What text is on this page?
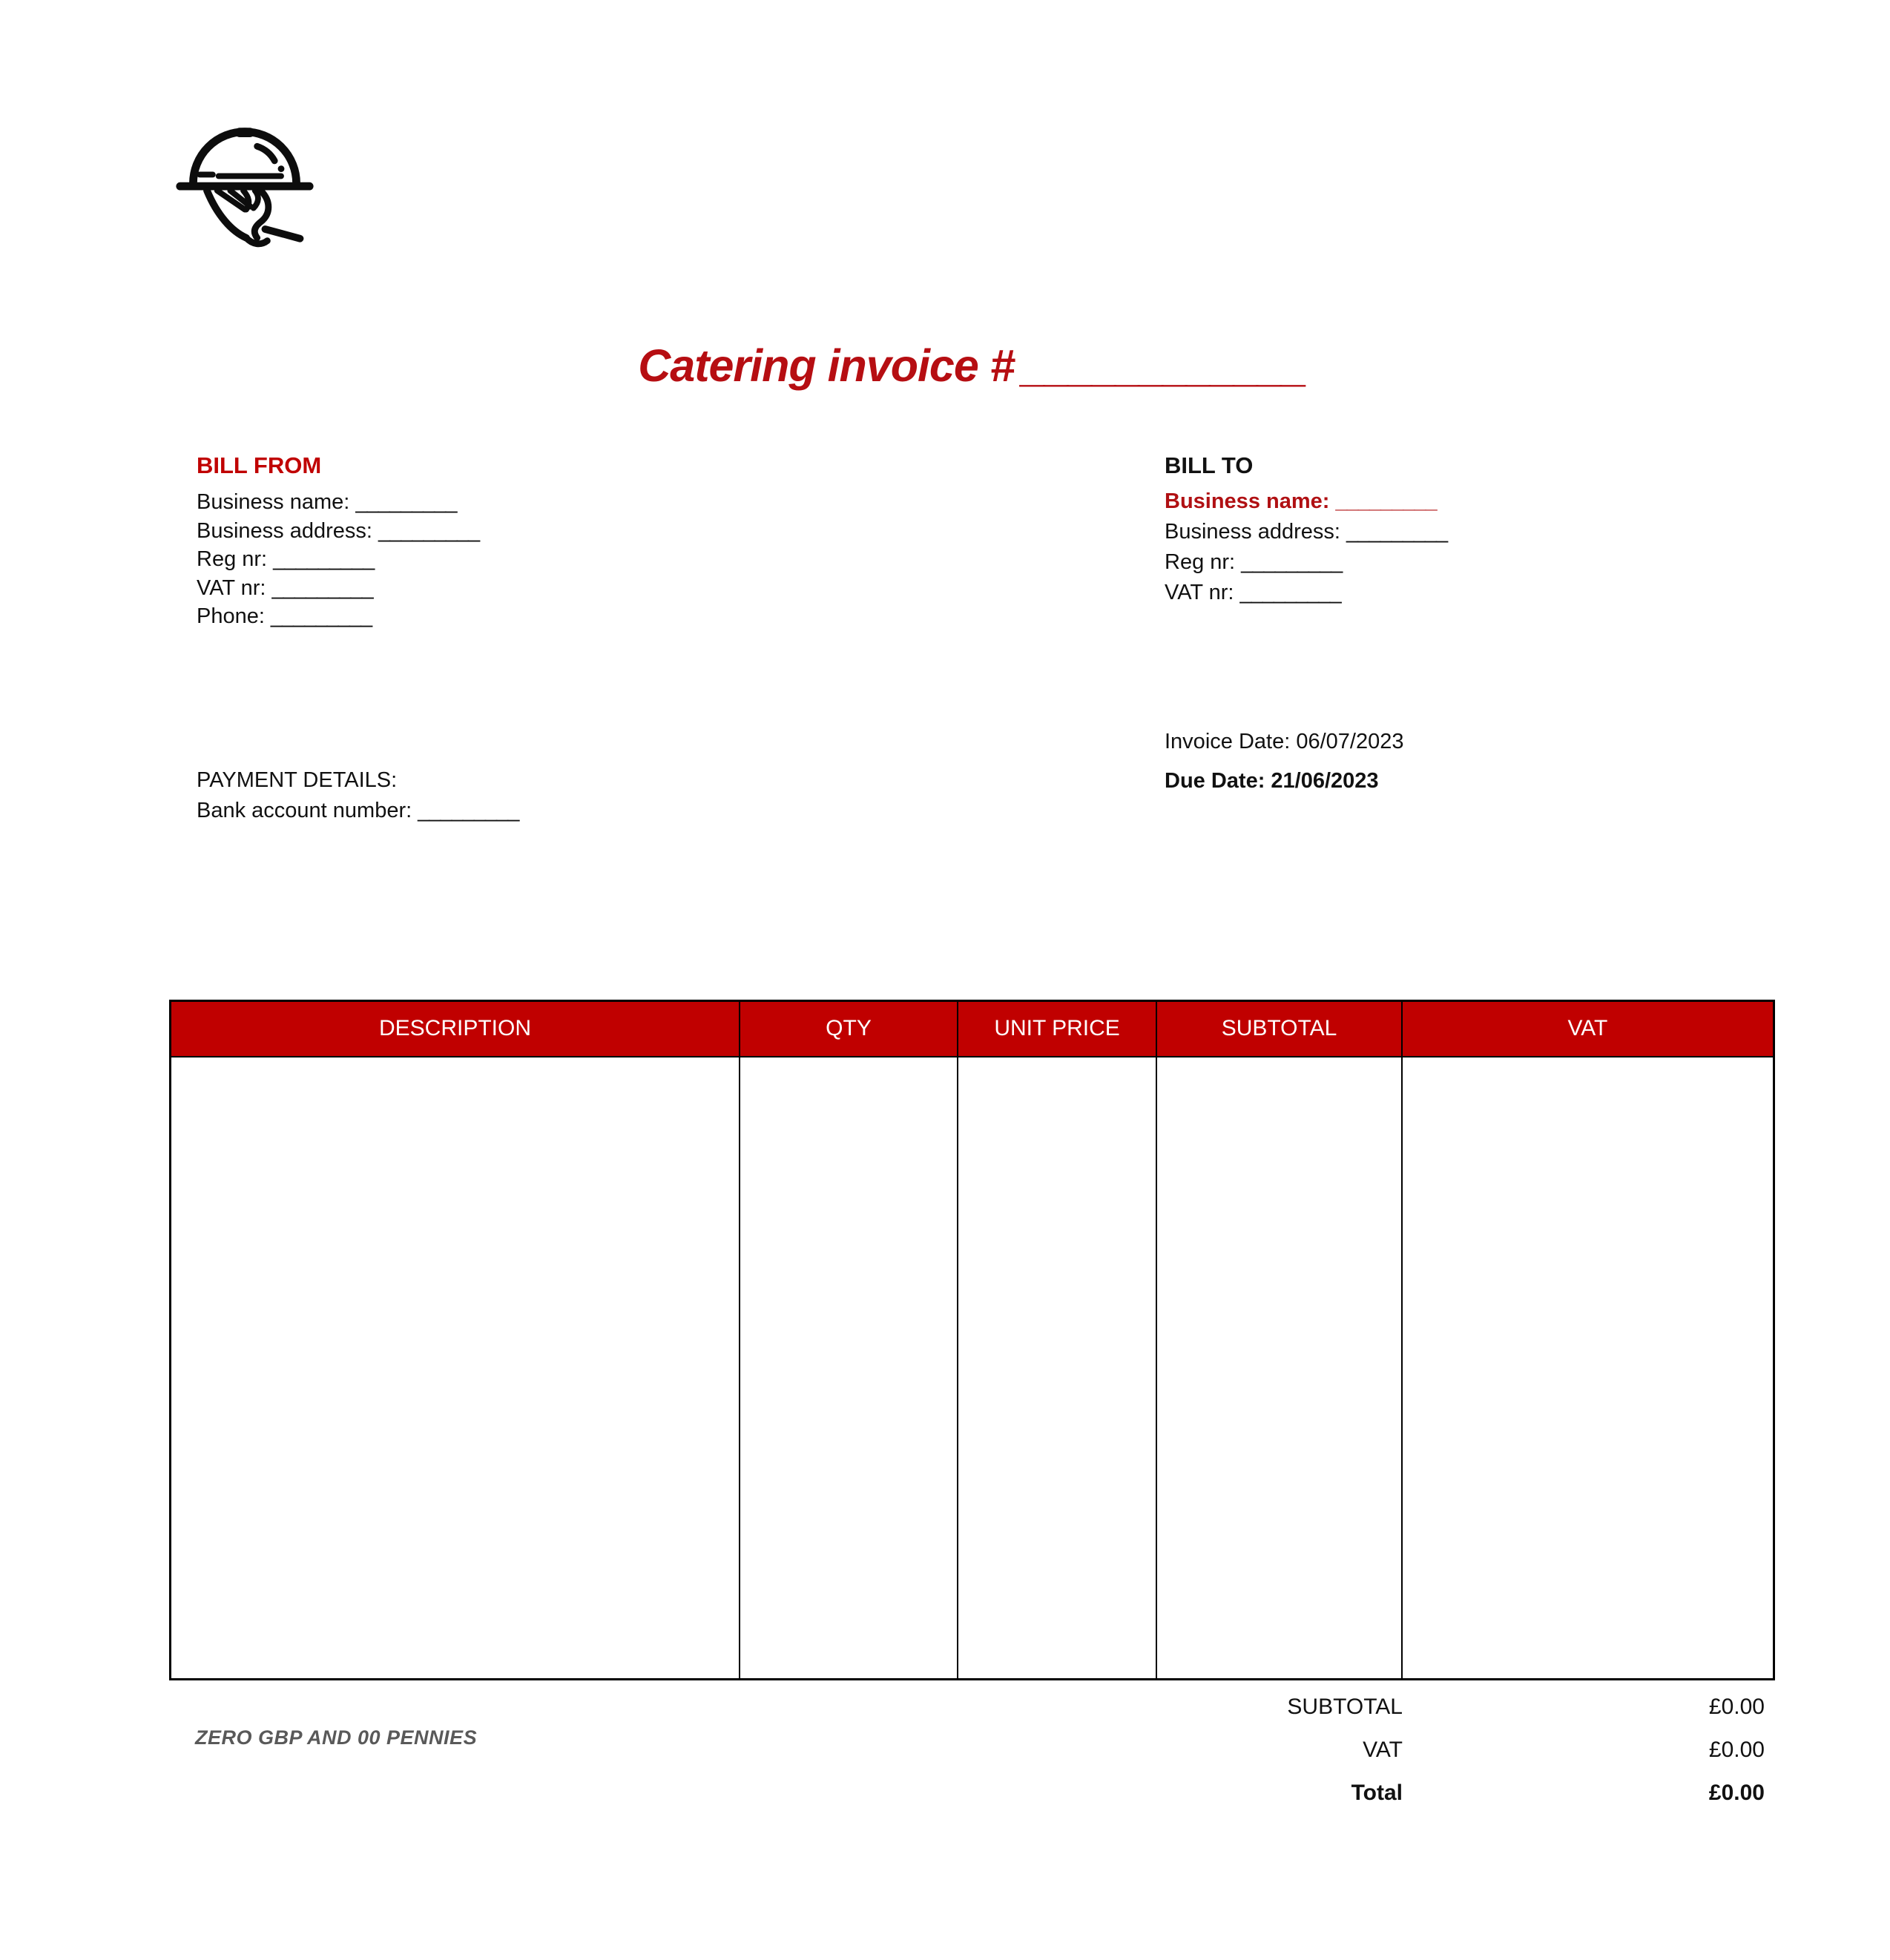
Catering invoice # ____________
BILL FROM
Business name: _________
Business address: _________
Reg nr: _________
VAT nr: _________
Phone: _________
BILL TO
Business name: _________
Business address: _________
Reg nr: _________
VAT nr: _________
Invoice Date: 06/07/2023
Due Date: 21/06/2023
PAYMENT DETAILS:
Bank account number: _________
DESCRIPTION	QTY	UNIT PRICE	SUBTOTAL	VAT

SUBTOTAL	£0.00
VAT	£0.00
Total	£0.00
ZERO GBP AND 00 PENNIES
